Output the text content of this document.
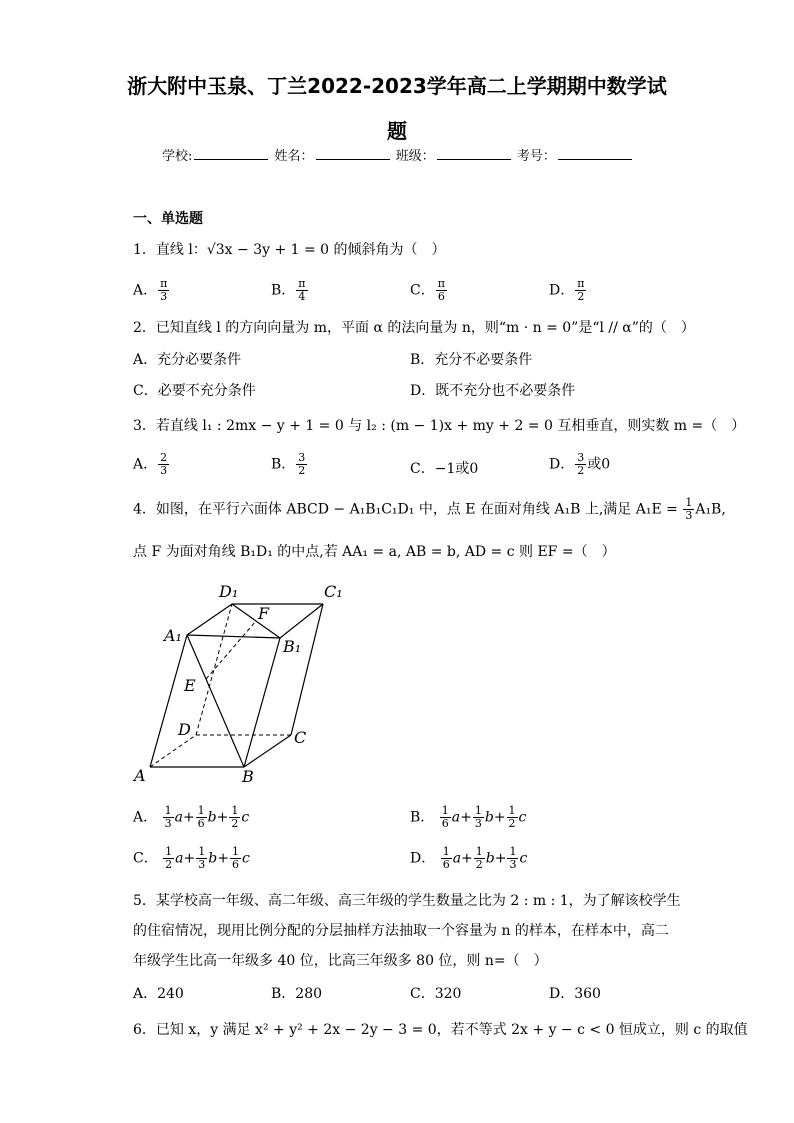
浙大附中玉泉、丁兰2022-2023学年高二上学期期中数学试
题
学校:	姓名：	班级：	考号：
一、单选题
1．直线 l：√3x − 3y + 1 = 0 的倾斜角为（　）
A． $\frac{\pi}{3}$	B． $\frac{\pi}{4}$	C． $\frac{\pi}{6}$	D． $\frac{\pi}{2}$
2．已知直线 l 的方向向量为 m，平面 α 的法向量为 n，则“m · n = 0”是“l // α”的（　）
A．充分必要条件	B．充分不必要条件
C．必要不充分条件	D．既不充分也不必要条件
3．若直线 l₁ : 2mx − y + 1 = 0 与 l₂ : (m − 1)x + my + 2 = 0 互相垂直，则实数 m =（　）
A． $\frac{2}{3}$	B． $\frac{3}{2}$	C．−1或0	D． $\frac{3}{2}$ 或0
4．如图，在平行六面体 ABCD − A₁B₁C₁D₁ 中，点 E 在面对角线 A₁B 上,满足 $A_1E = \frac{1}{3} A_1B$,
点 F 为面对角线 B₁D₁ 的中点,若 AA₁ = a, AB = b, AD = c 则 EF =（　）
D₁	C₁
F
A₁
B₁
E
D	C
A	B
A． $\frac{1}{3} a+ \frac{1}{6} b+ \frac{1}{2}$ c	B． $\frac{1}{6} a+ \frac{1}{3} b+ \frac{1}{2}$ c
C． $\frac{1}{2} a+ \frac{1}{3} b+ \frac{1}{6}$ c	D． $\frac{1}{6} a+ \frac{1}{2} b+ \frac{1}{3}$ c
5．某学校高一年级、高二年级、高三年级的学生数量之比为 2 : m : 1，为了解该校学生
的住宿情况，现用比例分配的分层抽样方法抽取一个容量为 n 的样本，在样本中，高二
年级学生比高一年级多 40 位，比高三年级多 80 位，则 n=（　）
A．240	B．280	C．320	D．360
6．已知 x，y 满足 x² + y² + 2x − 2y − 3 = 0，若不等式 2x + y − c < 0 恒成立，则 c 的取值
